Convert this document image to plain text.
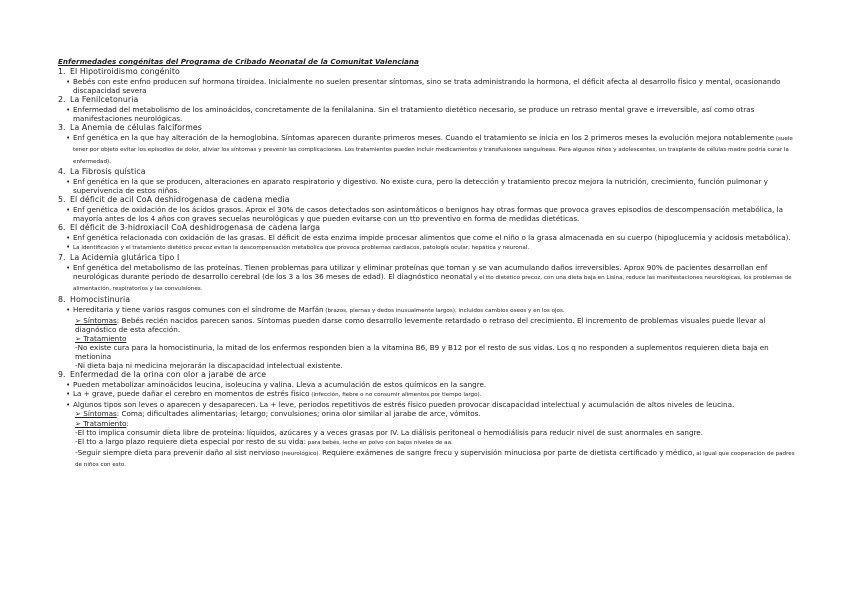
Enfermedades congénitas del Programa de Cribado Neonatal de la Comunitat Valenciana
1. El Hipotiroidismo congénito
• Bebés con este enfno producen suf hormona tiroidea. Inicialmente no suelen presentar síntomas, sino se trata administrando la hormona, el déficit afecta al desarrollo físico y mental, ocasionando discapacidad severa
2. La Fenilcetonuria
• Enfermedad del metabolismo de los aminoácidos, concretamente de la fenilalanina. Sin el tratamiento dietético necesario, se produce un retraso mental grave e irreversible, así como otras manifestaciones neurológicas.
3. La Anemia de células falciformes
• Enf genética en la que hay alteración de la hemoglobina. Síntomas aparecen durante primeros meses. Cuando el tratamiento se inicia en los 2 primeros meses la evolución mejora notablemente (suele tener por objeto evitar los episodios de dolor, aliviar los síntomas y prevenir las complicaciones. Los tratamientos pueden incluir medicamentos y transfusiones sanguíneas. Para algunos niños y adolescentes, un trasplante de células madre podría curar la enfermedad).
4. La Fibrosis quística
• Enf genética en la que se producen, alteraciones en aparato respiratorio y digestivo. No existe cura, pero la detección y tratamiento precoz mejora la nutrición, crecimiento, función pulmonar y supervivencia de estos niños.
5. El déficit de acil CoA deshidrogenasa de cadena media
• Enf genética de oxidación de los ácidos grasos. Aprox el 30% de casos detectados son asintomáticos o benignos hay otras formas que provoca graves episodios de descompensación metabólica, la mayoría antes de los 4 años con graves secuelas neurológicas y que pueden evitarse con un tto preventivo en forma de medidas dietéticas.
6. El déficit de 3-hidroxiacil CoA deshidrogenasa de cadena larga
• Enf genética relacionada con oxidación de las grasas. El déficit de esta enzima impide procesar alimentos que come el niño o la grasa almacenada en su cuerpo (hipoglucemia y acidosis metabólica).
• La identificación y el tratamiento dietético precoz evitan la descompensación metabólica que provoca problemas cardiacos, patología ocular, hepática y neuronal.
7. La Acidemia glutárica tipo I
• Enf genética del metabolismo de las proteínas. Tienen problemas para utilizar y eliminar proteínas que toman y se van acumulando daños irreversibles. Aprox 90% de pacientes desarrollan enf neurológicas durante periodo de desarrollo cerebral (de los 3 a los 36 meses de edad). El diagnóstico neonatal y el tto dietético precoz, con una dieta baja en Lisina, reduce las manifestaciones neurológicas, los problemas de alimentación, respiratorios y las convulsiones.
8. Homocistinuria
• Hereditaria y tiene varios rasgos comunes con el síndrome de Marfán (brazos, piernas y dedos inusualmente largos), incluidos cambios óseos y en los ojos.
➢ Síntomas: Bebés recién nacidos parecen sanos. Síntomas pueden darse como desarrollo levemente retardado o retraso del crecimiento. El incremento de problemas visuales puede llevar al diagnóstico de esta afección.
➢ Tratamiento
-No existe cura para la homocistinuria, la mitad de los enfermos responden bien a la vitamina B6, B9 y B12 por el resto de sus vidas. Los q no responden a suplementos requieren dieta baja en metionina
-Ni dieta baja ni medicina mejorarán la discapacidad intelectual existente.
9. Enfermedad de la orina con olor a jarabe de arce
• Pueden metabolizar aminoácidos leucina, isoleucina y valina. Lleva a acumulación de estos químicos en la sangre.
• La + grave, puede dañar el cerebro en momentos de estrés físico (infección, fiebre o no consumir alimentos por tiempo largo).
• Algunos tipos son leves o aparecen y desaparecen. La + leve, periodos repetitivos de estrés físico pueden provocar discapacidad intelectual y acumulación de altos niveles de leucina.
➢ Síntomas: Coma; dificultades alimentarias; letargo; convulsiones; orina olor similar al jarabe de arce, vómitos.
➢ Tratamiento:
-El tto implica consumir dieta libre de proteína: líquidos, azúcares y a veces grasas por IV. La diálisis peritoneal o hemodiálisis para reducir nivel de sust anormales en sangre.
-El tto a largo plazo requiere dieta especial por resto de su vida: para bebés, leche en polvo con bajos niveles de aa.
-Seguir siempre dieta para prevenir daño al sist nervioso (neurológico). Requiere exámenes de sangre frecu y supervisión minuciosa por parte de dietista certificado y médico, al igual que cooperación de padres de niños con esto.
